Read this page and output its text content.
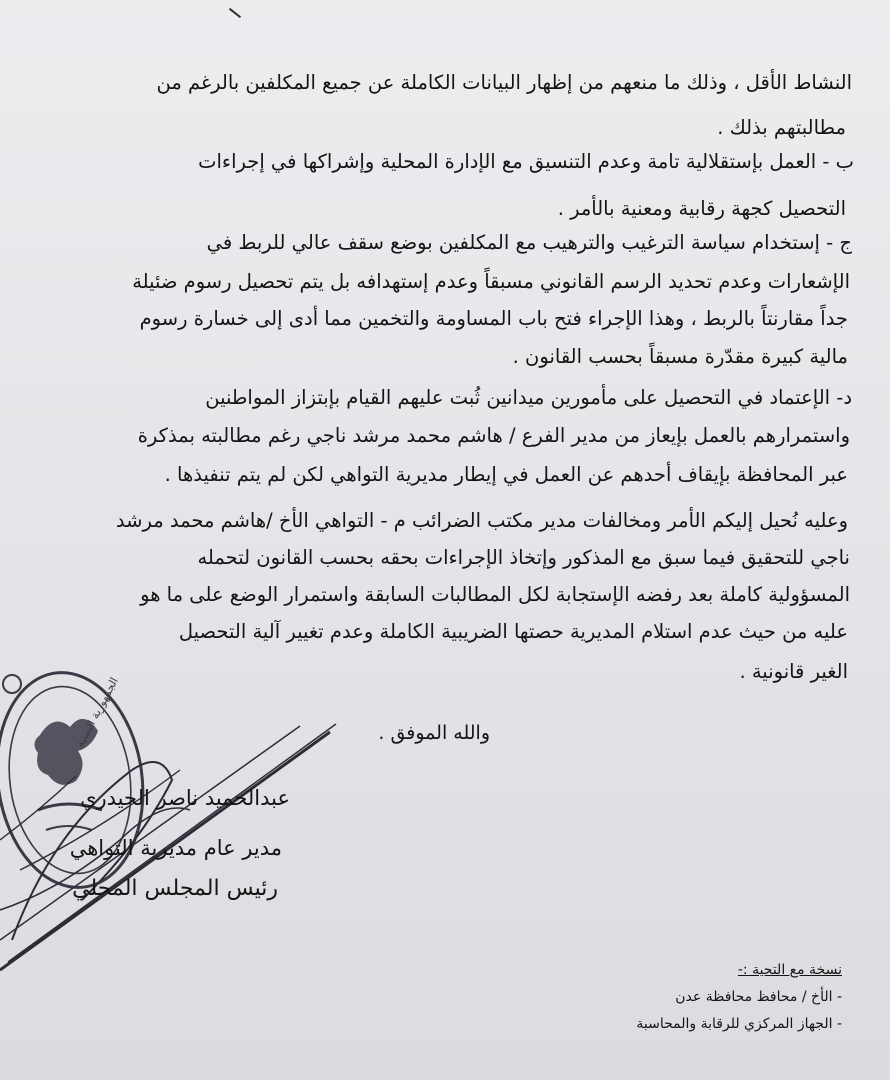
النشاط الأقل ، وذلك ما منعهم من إظهار البيانات الكاملة عن جميع المكلفين بالرغم من
مطالبتهم بذلك .
ب - العمل بإستقلالية تامة وعدم التنسيق مع الإدارة المحلية وإشراكها في إجراءات
التحصيل كجهة رقابية ومعنية بالأمر .
ج - إستخدام سياسة الترغيب والترهيب مع المكلفين بوضع سقف عالي للربط في
الإشعارات وعدم تحديد الرسم القانوني مسبقاً وعدم إستهدافه بل يتم تحصيل رسوم ضئيلة
جداً مقارنتاً بالربط ، وهذا الإجراء فتح باب المساومة والتخمين مما أدى إلى خسارة رسوم
مالية كبيرة مقدّرة مسبقاً بحسب القانون .
د- الإعتماد في التحصيل على مأمورين ميدانين ثُبت عليهم القيام بإبتزاز المواطنين
واستمرارهم بالعمل بإيعاز من مدير الفرع / هاشم محمد مرشد ناجي رغم مطالبته بمذكرة
عبر المحافظة بإيقاف أحدهم عن العمل في إيطار مديرية التواهي لكن لم يتم تنفيذها .
وعليه نُحيل إليكم الأمر ومخالفات مدير مكتب الضرائب م - التواهي الأخ /هاشم محمد مرشد
ناجي للتحقيق فيما سبق مع المذكور وإتخاذ الإجراءات بحقه بحسب القانون لتحمله
المسؤولية كاملة بعد رفضه الإستجابة لكل المطالبات السابقة واستمرار الوضع على ما هو
عليه من حيث عدم استلام المديرية حصتها الضريبية الكاملة وعدم تغيير آلية التحصيل
الغير قانونية .
والله الموفق .
الجمهورية اليمنية
عبدالحميد ناصر الحيدري
مدير عام مديرية التواهي
رئيس المجلس المحلي
نسخة مع التحية :-
- الأخ / محافظ محافظة عدن
- الجهاز المركزي للرقابة والمحاسبة
